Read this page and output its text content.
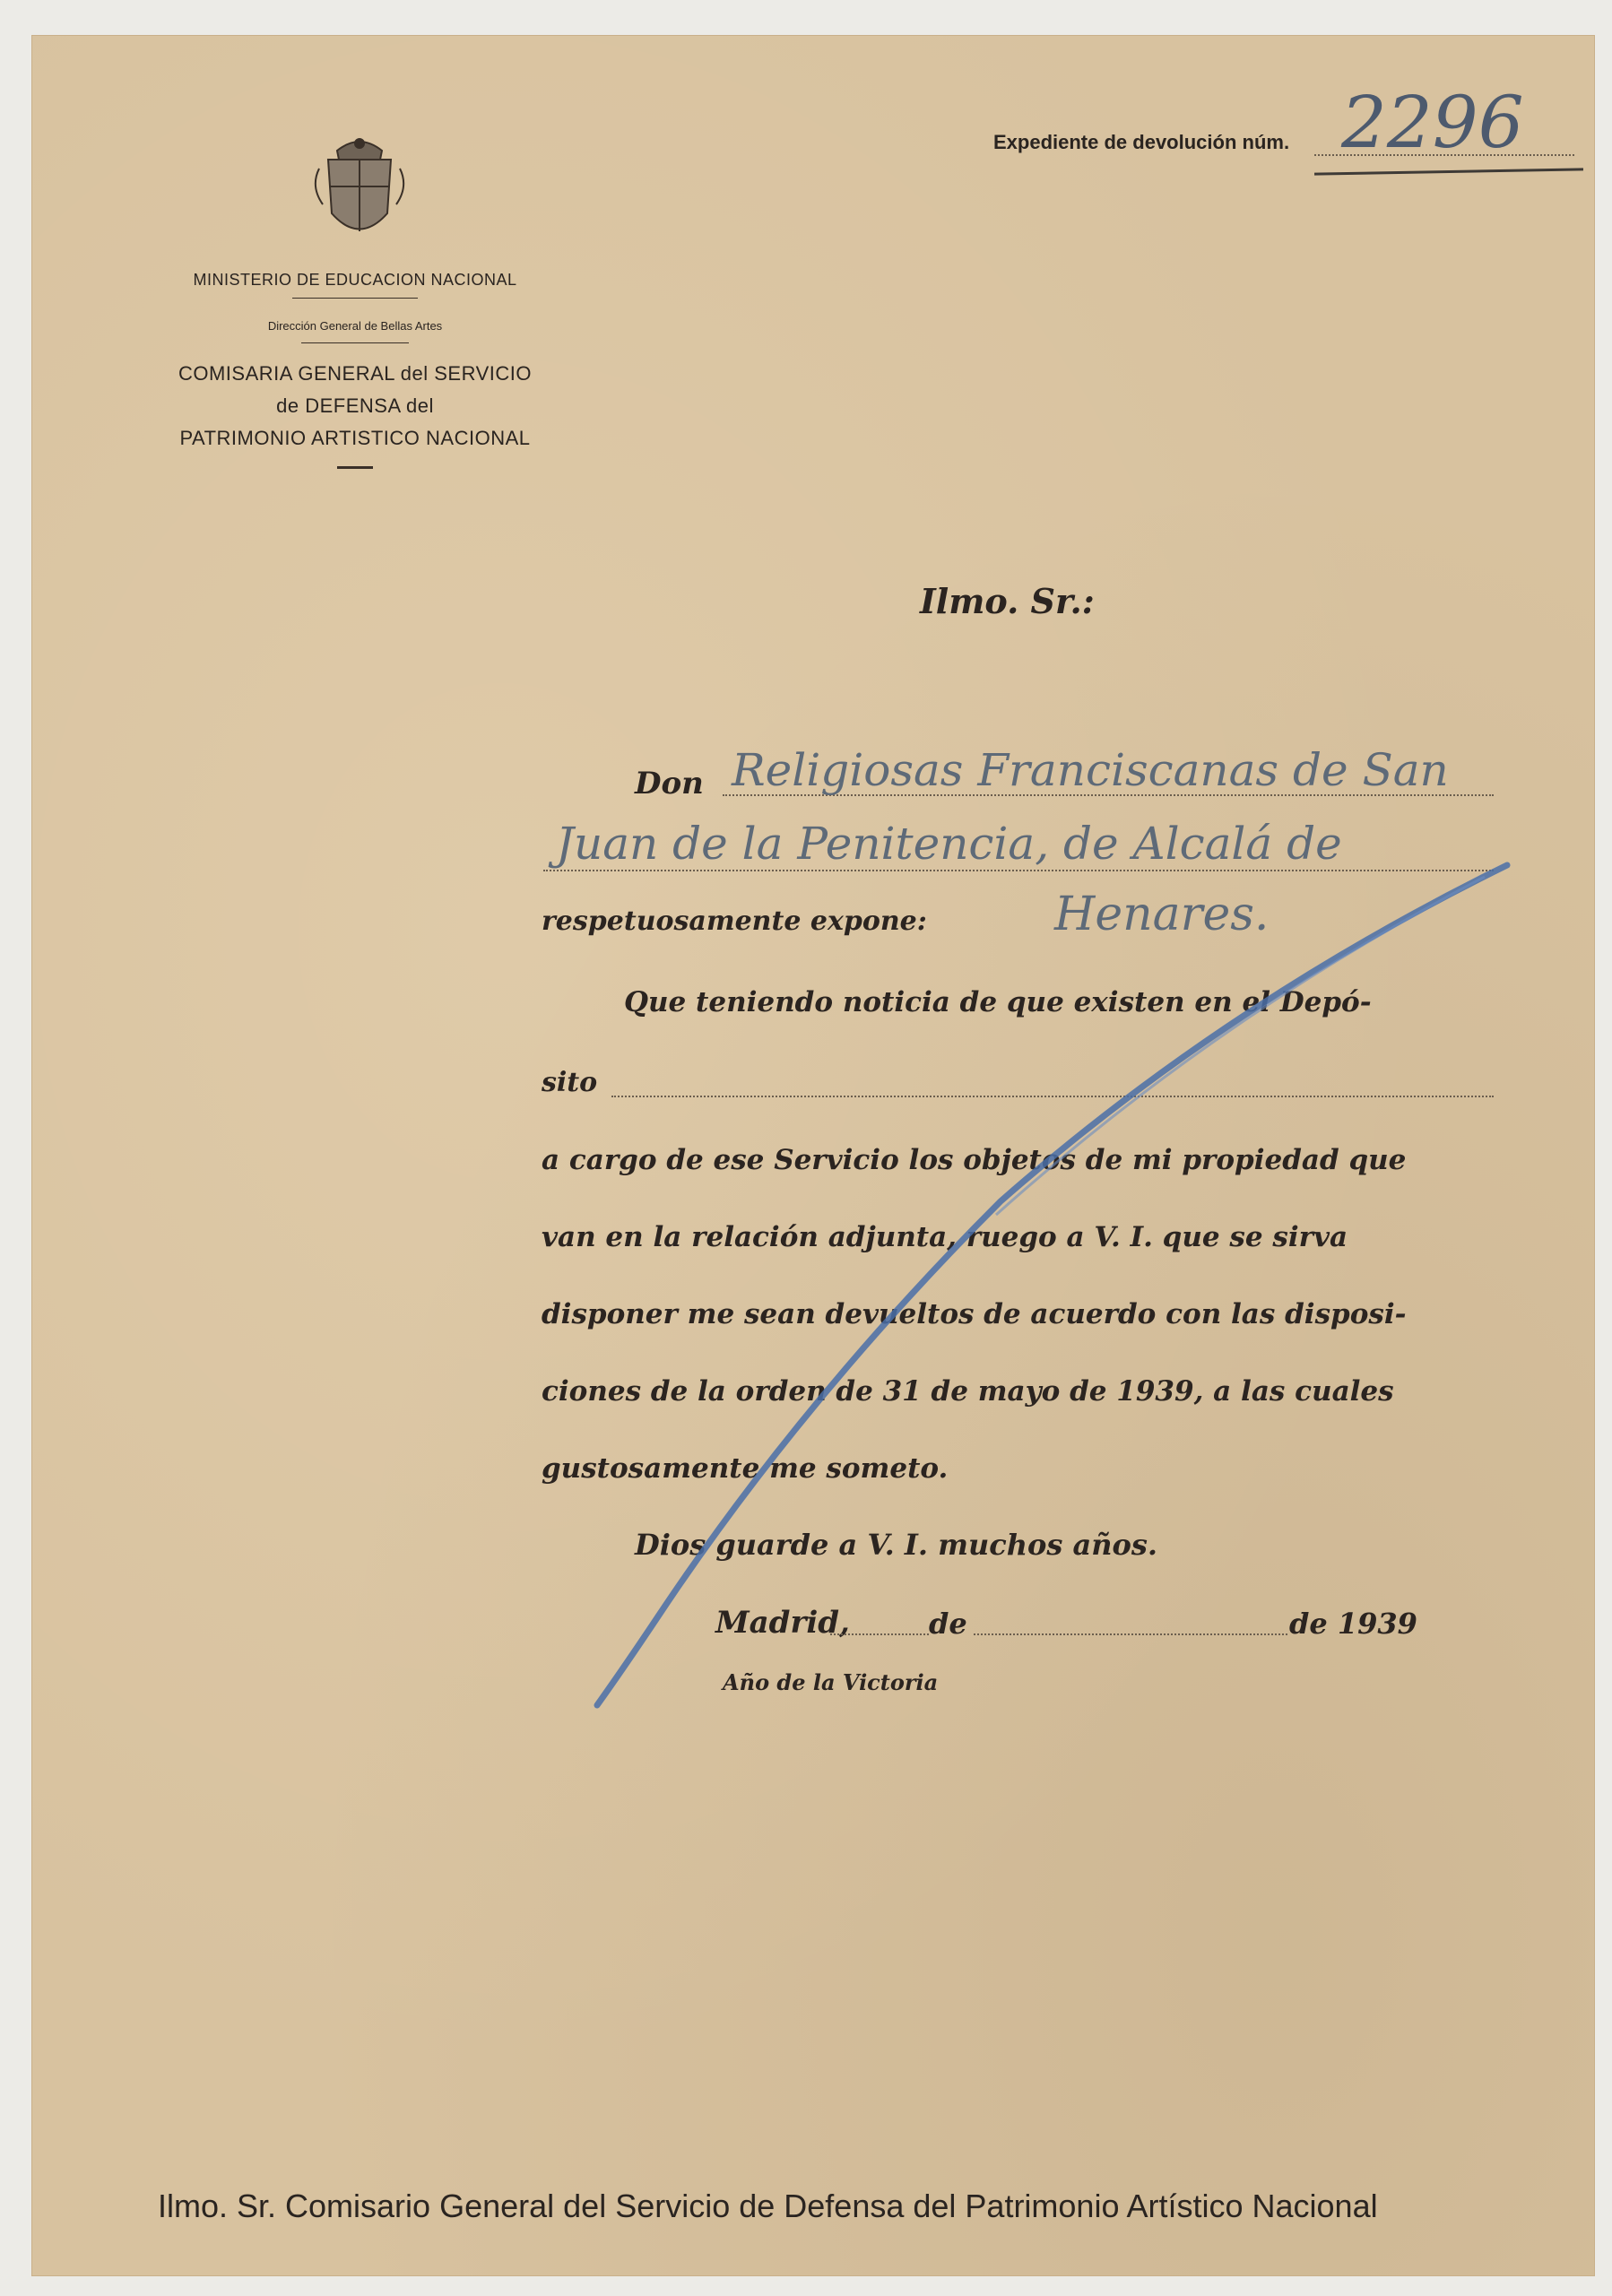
MINISTERIO DE EDUCACION NACIONAL
Dirección General de Bellas Artes
COMISARIA GENERAL del SERVICIO
de DEFENSA del
PATRIMONIO ARTISTICO NACIONAL
Expediente de devolución núm. 2296
Ilmo. Sr.:
Don Religiosas Franciscanas de San
Juan de la Penitencia, de Alcalá de
respetuosamente expone:	Henares.
Que teniendo noticia de que existen en el Depó-
sito
a cargo de ese Servicio los objetos de mi propiedad que
van en la relación adjunta, ruego a V. I. que se sirva
disponer me sean devueltos de acuerdo con las disposi-
ciones de la orden de 31 de mayo de 1939, a las cuales
gustosamente me someto.
Dios guarde a V. I. muchos años.
Madrid,	de	de 1939
Año de la Victoria
Ilmo. Sr. Comisario General del Servicio de Defensa del Patrimonio Artístico Nacional
